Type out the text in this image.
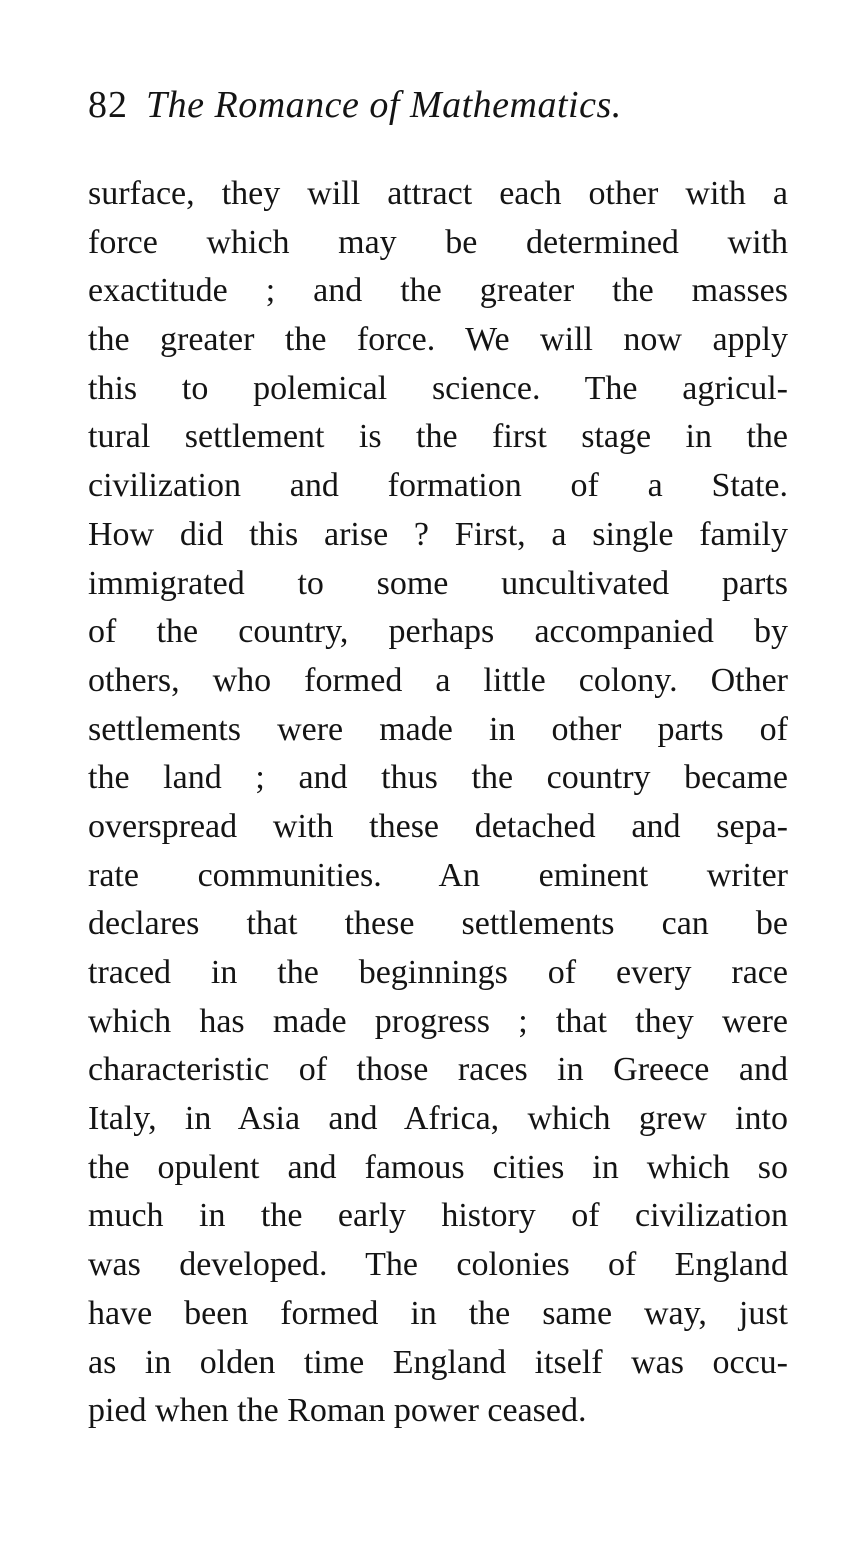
82 The Romance of Mathematics.
surface, they will attract each other with a
force which may be determined with
exactitude ; and the greater the masses
the greater the force. We will now apply
this to polemical science. The agricul-
tural settlement is the first stage in the
civilization and formation of a State.
How did this arise ? First, a single family
immigrated to some uncultivated parts
of the country, perhaps accompanied by
others, who formed a little colony. Other
settlements were made in other parts of
the land ; and thus the country became
overspread with these detached and sepa-
rate communities. An eminent writer
declares that these settlements can be
traced in the beginnings of every race
which has made progress ; that they were
characteristic of those races in Greece and
Italy, in Asia and Africa, which grew into
the opulent and famous cities in which so
much in the early history of civilization
was developed. The colonies of England
have been formed in the same way, just
as in olden time England itself was occu-
pied when the Roman power ceased.
